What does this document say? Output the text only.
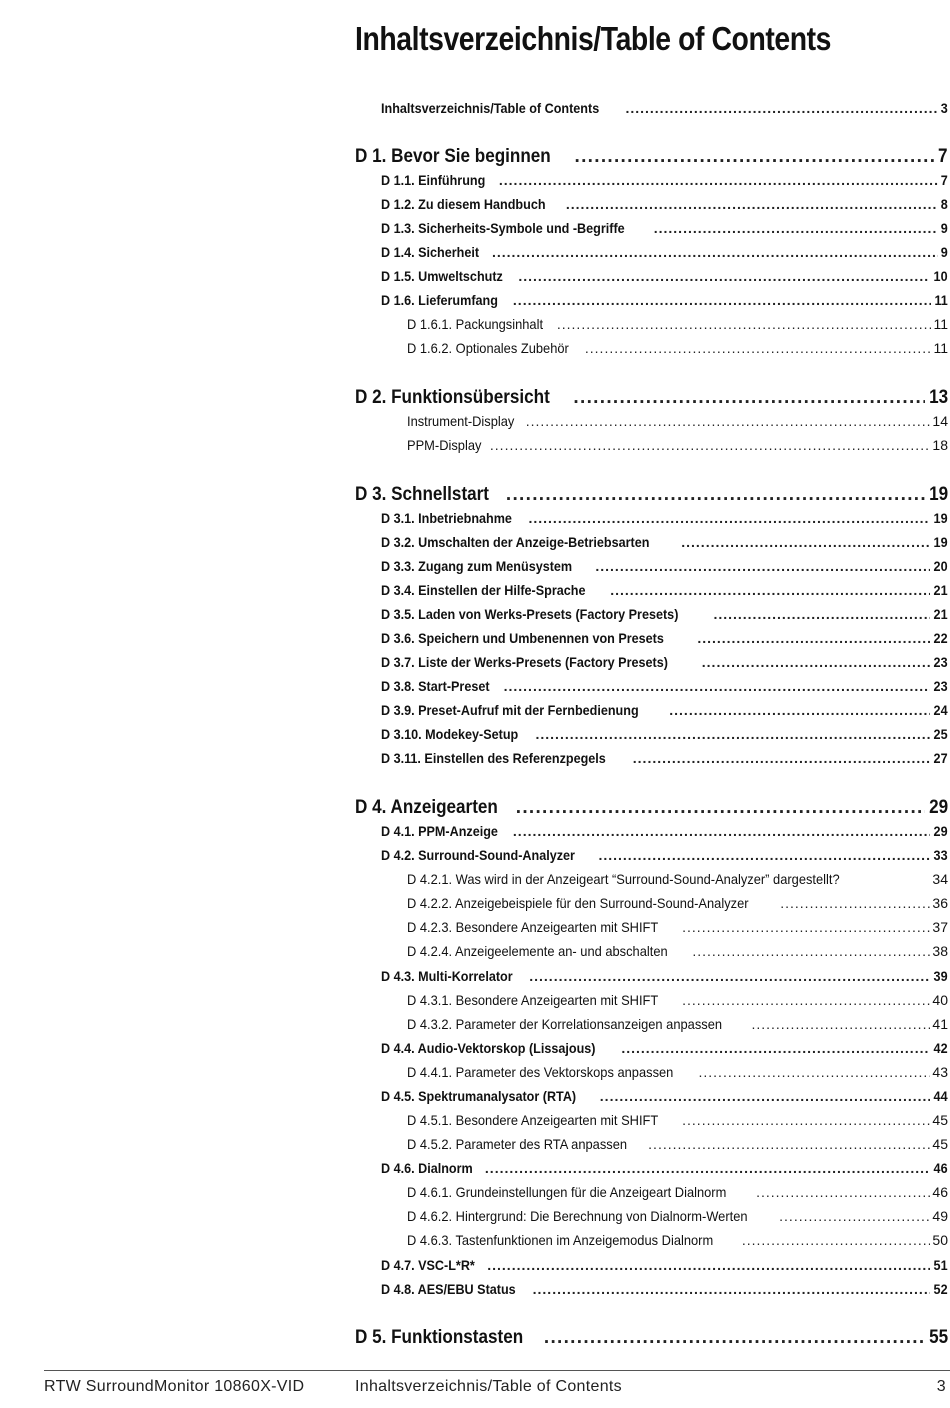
Inhaltsverzeichnis/Table of Contents
Inhaltsverzeichnis/Table of Contents .....	3
D 1. Bevor Sie beginnen .....	7
D 1.1. Einführung .....	7
D 1.2. Zu diesem Handbuch .....	8
D 1.3. Sicherheits-Symbole und -Begriffe .....	9
D 1.4. Sicherheit .....	9
D 1.5. Umweltschutz .....	10
D 1.6. Lieferumfang .....	11
D 1.6.1. Packungsinhalt .....	11
D 1.6.2. Optionales Zubehör .....	11
D 2. Funktionsübersicht .....	13
Instrument-Display .....	14
PPM-Display .....	18
D 3. Schnellstart .....	19
D 3.1. Inbetriebnahme .....	19
D 3.2. Umschalten der Anzeige-Betriebsarten .....	19
D 3.3. Zugang zum Menüsystem .....	20
D 3.4. Einstellen der Hilfe-Sprache .....	21
D 3.5. Laden von Werks-Presets (Factory Presets) .....	21
D 3.6. Speichern und Umbenennen von Presets .....	22
D 3.7. Liste der Werks-Presets (Factory Presets) .....	23
D 3.8. Start-Preset .....	23
D 3.9. Preset-Aufruf mit der Fernbedienung .....	24
D 3.10. Modekey-Setup .....	25
D 3.11. Einstellen des Referenzpegels .....	27
D 4. Anzeigearten .....	29
D 4.1. PPM-Anzeige .....	29
D 4.2. Surround-Sound-Analyzer .....	33
D 4.2.1. Was wird in der Anzeigeart “Surround-Sound-Analyzer” dargestellt?	34
D 4.2.2. Anzeigebeispiele für den Surround-Sound-Analyzer .....	36
D 4.2.3. Besondere Anzeigearten mit SHIFT .....	37
D 4.2.4. Anzeigeelemente an- und abschalten .....	38
D 4.3. Multi-Korrelator .....	39
D 4.3.1. Besondere Anzeigearten mit SHIFT .....	40
D 4.3.2. Parameter der Korrelationsanzeigen anpassen .....	41
D 4.4. Audio-Vektorskop (Lissajous) .....	42
D 4.4.1. Parameter des Vektorskops anpassen .....	43
D 4.5. Spektrumanalysator (RTA) .....	44
D 4.5.1. Besondere Anzeigearten mit SHIFT .....	45
D 4.5.2. Parameter des RTA anpassen .....	45
D 4.6. Dialnorm .....	46
D 4.6.1. Grundeinstellungen für die Anzeigeart Dialnorm .....	46
D 4.6.2. Hintergrund: Die Berechnung von Dialnorm-Werten .....	49
D 4.6.3. Tastenfunktionen im Anzeigemodus Dialnorm .....	50
D 4.7. VSC-L*R* .....	51
D 4.8. AES/EBU Status .....	52
D 5. Funktionstasten .....	55
RTW SurroundMonitor 10860X-VID	Inhaltsverzeichnis/Table of Contents	3
